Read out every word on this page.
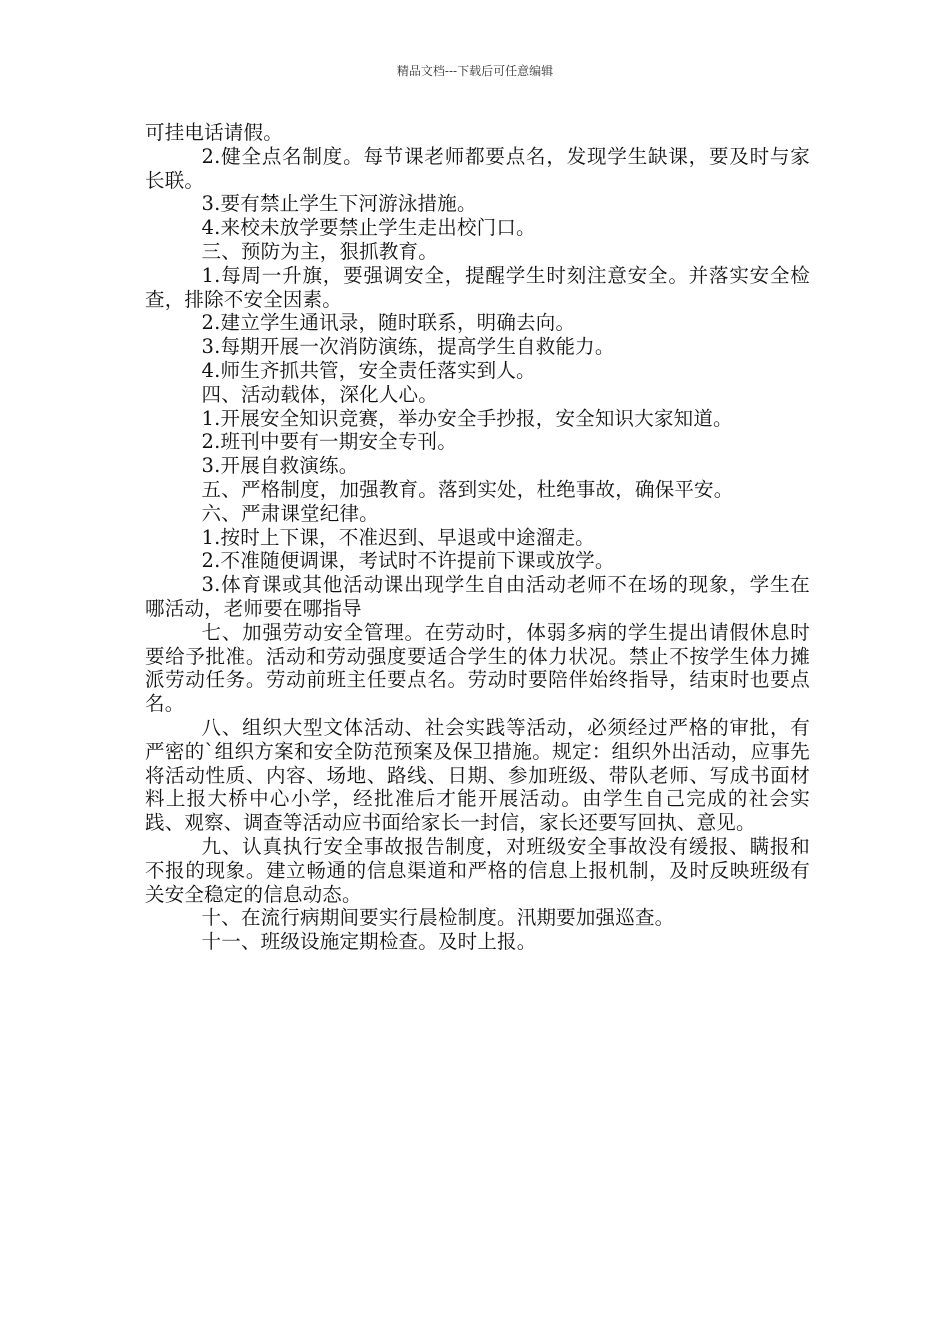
精品文档---下载后可任意编辑

可挂电话请假。

2.健全点名制度。每节课老师都要点名，发现学生缺课，要及时与家长联。

3.要有禁止学生下河游泳措施。

4.来校未放学要禁止学生走出校门口。

三、预防为主，狠抓教育。

1.每周一升旗，要强调安全，提醒学生时刻注意安全。并落实安全检查，排除不安全因素。

2.建立学生通讯录，随时联系，明确去向。

3.每期开展一次消防演练，提高学生自救能力。

4.师生齐抓共管，安全责任落实到人。

四、活动载体，深化人心。

1.开展安全知识竞赛，举办安全手抄报，安全知识大家知道。

2.班刊中要有一期安全专刊。

3.开展自救演练。

五、严格制度，加强教育。落到实处，杜绝事故，确保平安。

六、严肃课堂纪律。

1.按时上下课，不准迟到、早退或中途溜走。

2.不准随便调课，考试时不许提前下课或放学。

3.体育课或其他活动课出现学生自由活动老师不在场的现象，学生在哪活动，老师要在哪指导

七、加强劳动安全管理。在劳动时，体弱多病的学生提出请假休息时要给予批准。活动和劳动强度要适合学生的体力状况。禁止不按学生体力摊派劳动任务。劳动前班主任要点名。劳动时要陪伴始终指导，结束时也要点名。

八、组织大型文体活动、社会实践等活动，必须经过严格的审批，有严密的`组织方案和安全防范预案及保卫措施。规定：组织外出活动，应事先将活动性质、内容、场地、路线、日期、参加班级、带队老师、写成书面材料上报大桥中心小学，经批准后才能开展活动。由学生自己完成的社会实践、观察、调查等活动应书面给家长一封信，家长还要写回执、意见。

九、认真执行安全事故报告制度，对班级安全事故没有缓报、瞒报和不报的现象。建立畅通的信息渠道和严格的信息上报机制，及时反映班级有关安全稳定的信息动态。

十、在流行病期间要实行晨检制度。汛期要加强巡查。

十一、班级设施定期检查。及时上报。
